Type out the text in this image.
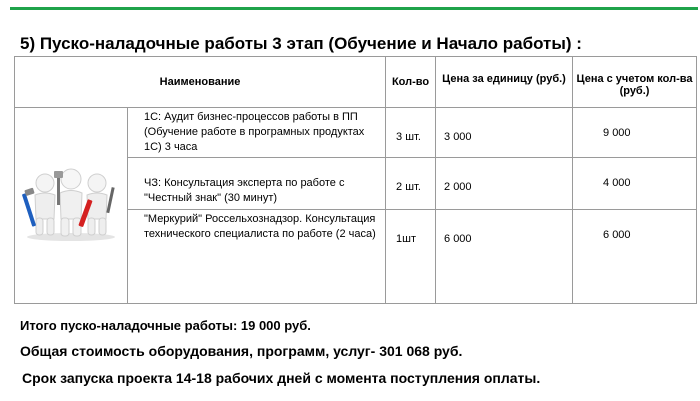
5) Пуско-наладочные работы 3 этап (Обучение и Начало работы) :
Наименование		Кол-во	Цена за единицу (руб.)	Цена с учетом кол-ва (руб.)

	1С: Аудит бизнес-процессов работы в ПП (Обучение работе в програмных продуктах 1С) 3 часа	3 шт.	3 000	9 000
	ЧЗ: Консультация эксперта по работе с "Честный знак" (30 минут)	2 шт.	2 000	4 000
	"Меркурий" Россельхознадзор. Консультация технического специалиста по работе (2 часа)	1шт	6 000	6 000
Итого пуско-наладочные работы: 19 000 руб.
Общая стоимость оборудования, программ, услуг- 301 068 руб.
Срок запуска проекта 14-18 рабочих дней с момента поступления оплаты.
